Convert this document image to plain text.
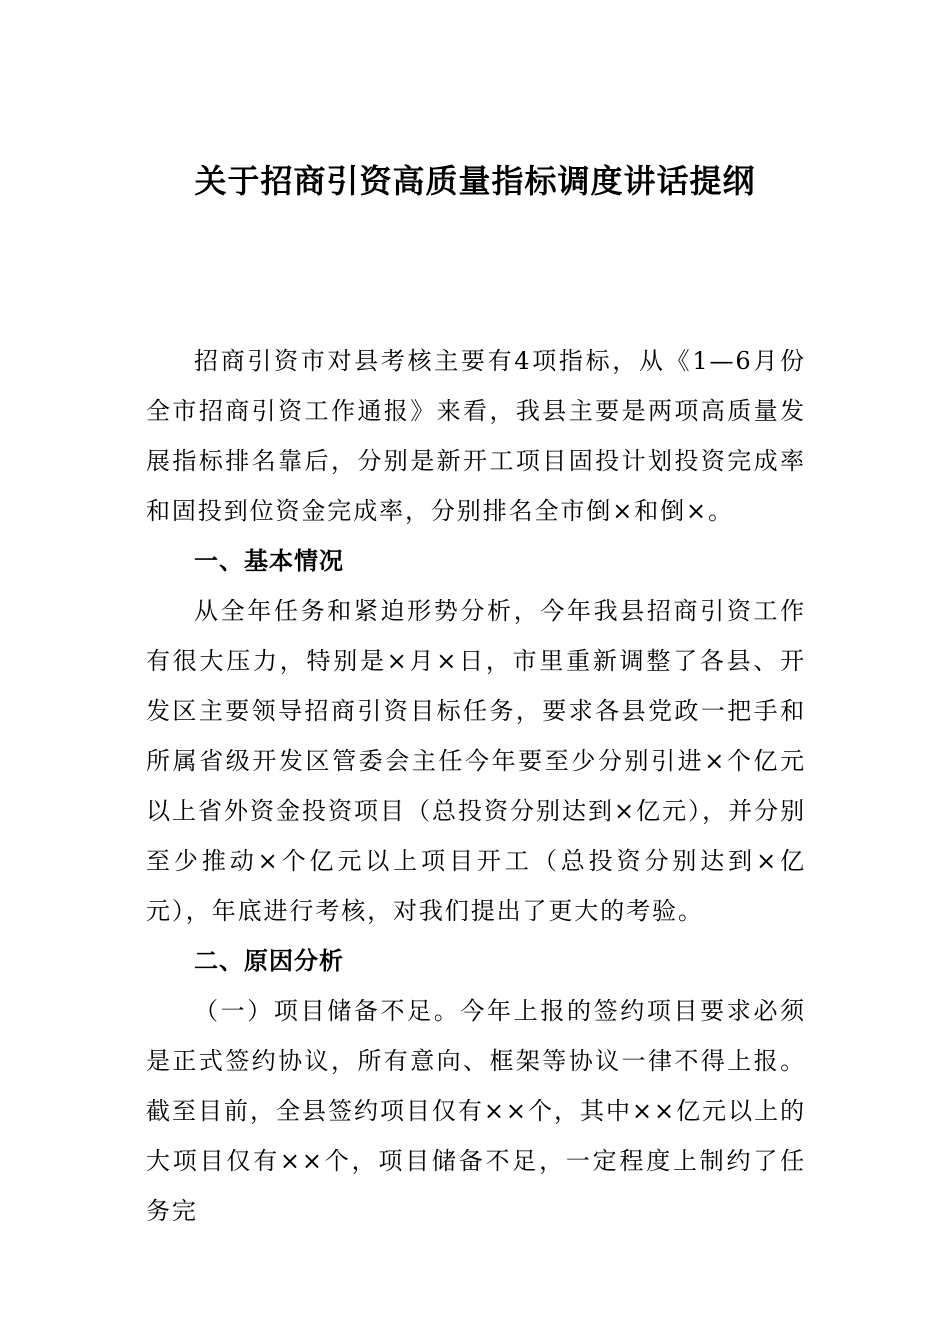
关于招商引资高质量指标调度讲话提纲

招商引资市对县考核主要有4项指标，从《1—6月份全市招商引资工作通报》来看，我县主要是两项高质量发展指标排名靠后，分别是新开工项目固投计划投资完成率和固投到位资金完成率，分别排名全市倒×和倒×。

一、基本情况

从全年任务和紧迫形势分析，今年我县招商引资工作有很大压力，特别是×月×日，市里重新调整了各县、开发区主要领导招商引资目标任务，要求各县党政一把手和所属省级开发区管委会主任今年要至少分别引进×个亿元以上省外资金投资项目（总投资分别达到×亿元），并分别至少推动×个亿元以上项目开工（总投资分别达到×亿元），年底进行考核，对我们提出了更大的考验。

二、原因分析

（一）项目储备不足。今年上报的签约项目要求必须是正式签约协议，所有意向、框架等协议一律不得上报。截至目前，全县签约项目仅有××个，其中××亿元以上的大项目仅有××个，项目储备不足，一定程度上制约了任务完
